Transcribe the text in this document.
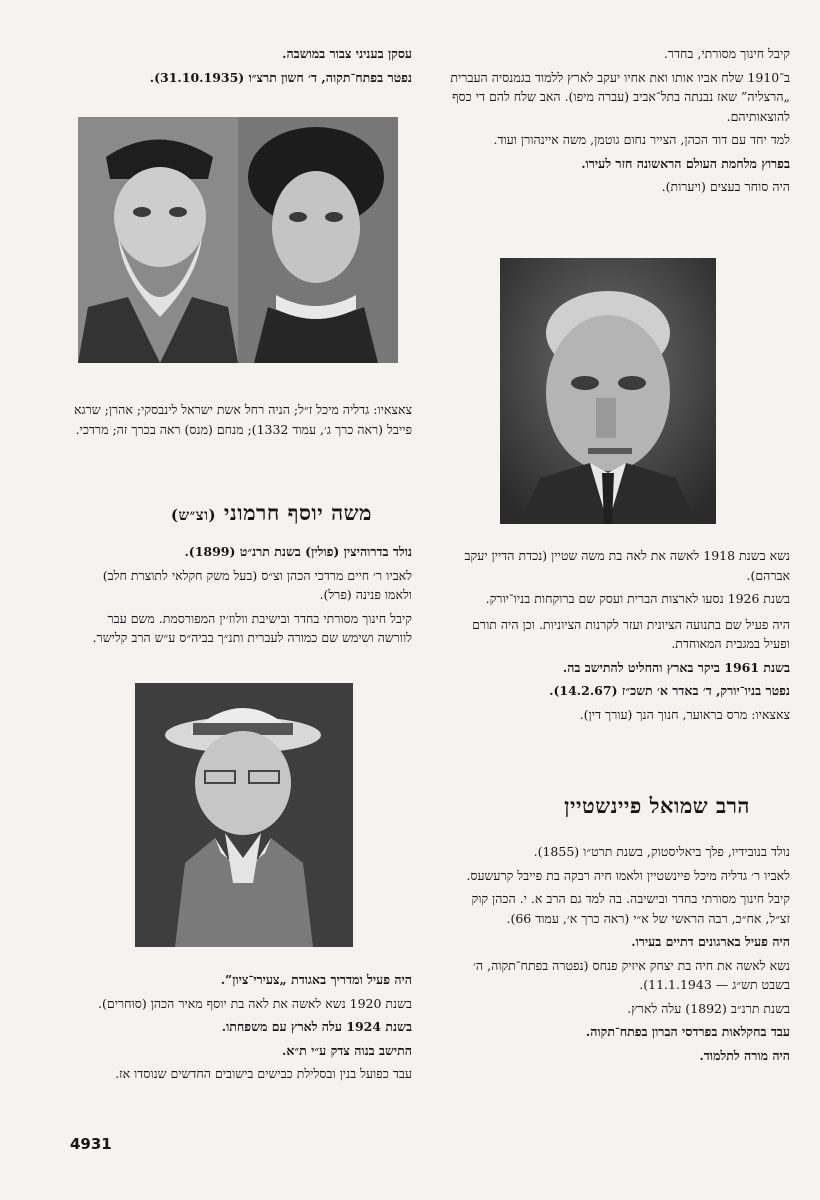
קיבל חינוך מסורתי, בחדר.

ב־1910 שלח אביו אותו ואת אחיו יעקב לארץ ללמוד בגמנסיה העברית „הרצליה” שאז נבנתה בתל־אביב (עברה מיפו). האב שלח להם די כסף להוצאותיהם.

למד יחד עם דוד הכהן, הצייר נחום גוטמן, משה איינהורן ועוד.

בפרוץ מלחמת העולם הראשונה חזר לעירו.

היה סוחר בעצים (ויערות).

נשא בשנת 1918 לאשה את לאה בת משה שטיין (נכדת הדיין יעקב אברהם).

בשנת 1926 נסעו לארצות הברית ועסק שם ברוקחות בניו־יורק.

היה פעיל שם בתנועה הציונית ועזר לקרנות הציוניות. וכן היה תורם ופעיל במגבית המאוחדת.

בשנת 1961 ביקר בארץ והחליט להתישב בה.

נפטר בניו־יורק, ד׳ באדר א׳ תשכ״ז (14.2.67).

צאצאיו: מרס בראוער, חנוך הנך (עורך דין).

הרב שמואל פיינשטיין

נולד בנובידיו, פלך ביאליסטוק, בשנת תרט״ו (1855).

לאביו ר׳ גדליה מיכל פיינשטיין ולאמו חיה רבקה בת פייבל קרעשעס.

קיבל חינוך מסורתי בחדר ובישיבה. בה למד גם הרב א. י. הכהן קוק זצ״ל, אח״כ, רבה הראשי של א״י (ראה כרך א׳, עמוד 66).

היה פעיל בארגונים דתיים בעירו.

נשא לאשה את חיה בת יצחק איזיק פנחס (נפטרה בפתח־תקוה, ה׳ בשבט תש״ג — 11.1.1943).

בשנת תרנ״ב (1892) עלה לארץ.

עבד בחקלאות בפרדסי הברון בפתח־תקוה.

היה מורה לתלמוד.

עסקן בעניני צבור במושבה.

נפטר בפתח־תקוה, ד׳ חשון תרצ״ו (31.10.1935).

צאצאיו: גדליה מיכל ז״ל; הניה רחל אשת ישראל לינבסקי; אהרן; שרגא פייבל (ראה כרך ג׳, עמוד 1332); מנחם (מנס) ראה בכרך זה; מרדכי.

משה יוסף חרמוני (וצ״ש)

נולד בדרוהיצין (פולין) בשנת תרנ״ט (1899).

לאביו ר׳ חיים מרדכי הכהן וצ״ס (בעל משק חקלאי לתוצרת חלב) ולאמו פנינה (פרל).

קיבל חינוך מסורתי בחדר ובישיבת וולוז׳ין המפורסמת. משם עבר לוורשה ושימש שם כמורה לעברית ותנ״ך בביה״ס ע״ש הרב קלישר.

היה פעיל ומדריך באגודת „צעירי־ציון”.

בשנת 1920 נשא לאשה את לאה בת יוסף מאיר הכהן (סוחרים).

בשנת 1924 עלה לארץ עם משפחתו.

התישב בנוה צדק ע״י ת״א.

עבד כפועל בנין ובסלילת כבישים בישובים החדשים שנוסדו אז.

4931
